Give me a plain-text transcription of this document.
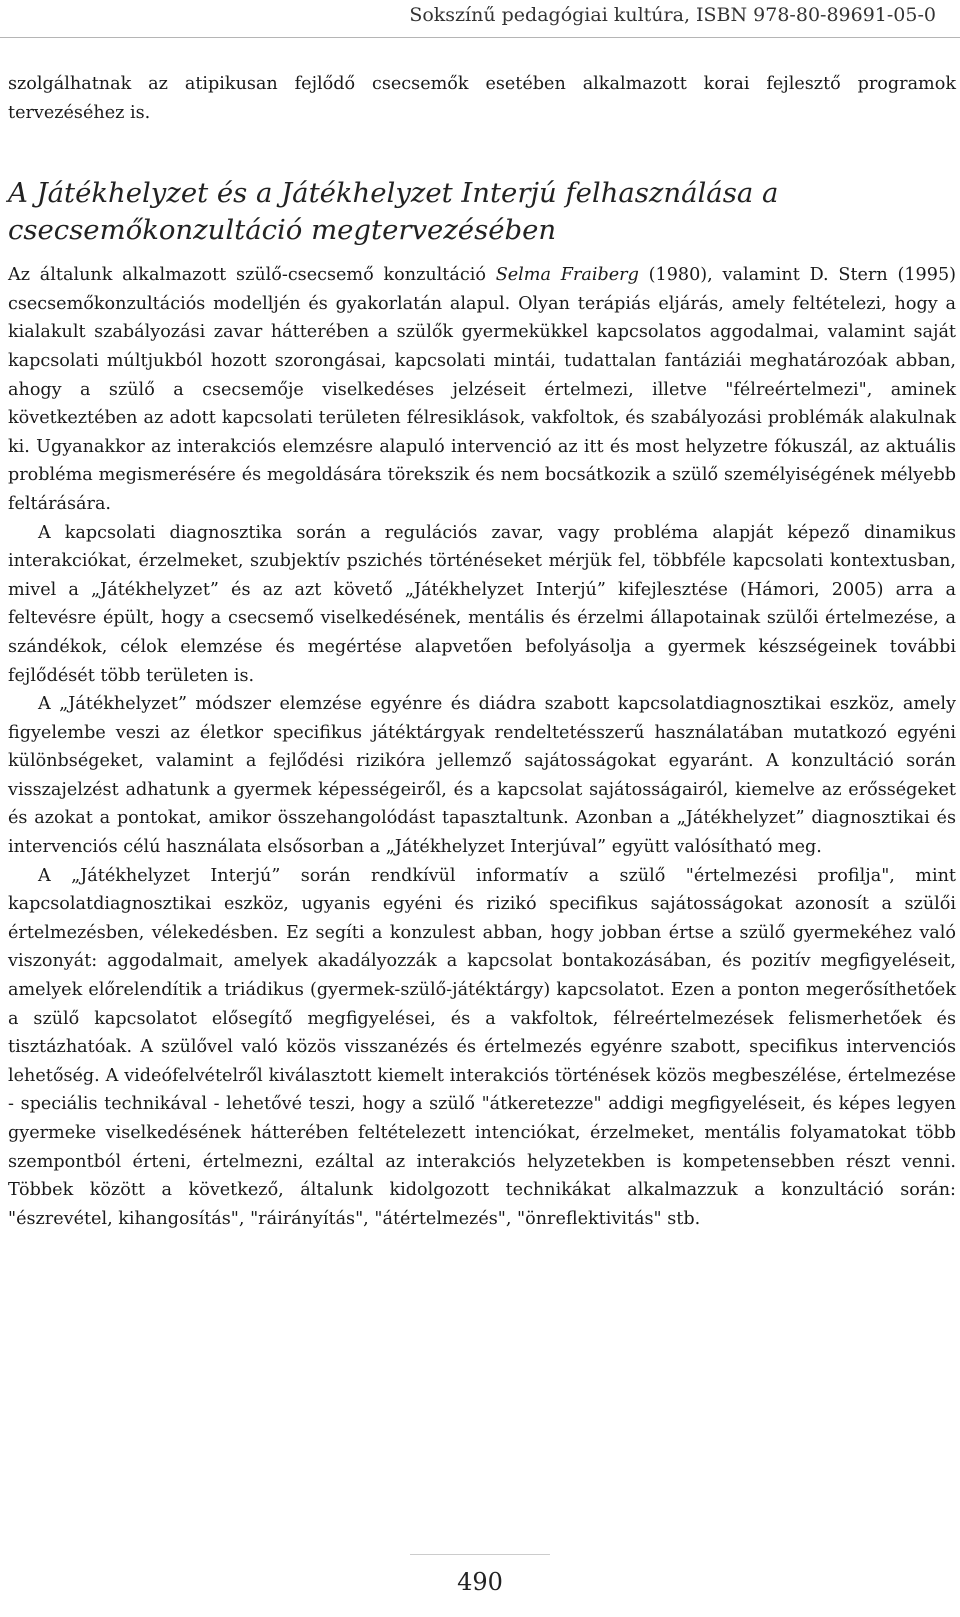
Sokszínű pedagógiai kultúra, ISBN 978-80-89691-05-0

szolgálhatnak az atipikusan fejlődő csecsemők esetében alkalmazott korai fejlesztő programok tervezéséhez is.

A Játékhelyzet és a Játékhelyzet Interjú felhasználása a csecsemőkonzultáció megtervezésében

Az általunk alkalmazott szülő-csecsemő konzultáció Selma Fraiberg (1980), valamint D. Stern (1995) csecsemőkonzultációs modelljén és gyakorlatán alapul. Olyan terápiás eljárás, amely feltételezi, hogy a kialakult szabályozási zavar hátterében a szülők gyermekükkel kapcsolatos aggodalmai, valamint saját kapcsolati múltjukból hozott szorongásai, kapcsolati mintái, tudattalan fantáziái meghatározóak abban, ahogy a szülő a csecsemője viselkedéses jelzéseit értelmezi, illetve "félreértelmezi", aminek következtében az adott kapcsolati területen félresiklások, vakfoltok, és szabályozási problémák alakulnak ki. Ugyanakkor az interakciós elemzésre alapuló intervenció az itt és most helyzetre fókuszál, az aktuális probléma megismerésére és megoldására törekszik és nem bocsátkozik a szülő személyiségének mélyebb feltárására.

A kapcsolati diagnosztika során a regulációs zavar, vagy probléma alapját képező dinamikus interakciókat, érzelmeket, szubjektív pszichés történéseket mérjük fel, többféle kapcsolati kontextusban, mivel a „Játékhelyzet” és az azt követő „Játékhelyzet Interjú” kifejlesztése (Hámori, 2005) arra a feltevésre épült, hogy a csecsemő viselkedésének, mentális és érzelmi állapotainak szülői értelmezése, a szándékok, célok elemzése és megértése alapvetően befolyásolja a gyermek készségeinek további fejlődését több területen is.

A „Játékhelyzet” módszer elemzése egyénre és diádra szabott kapcsolatdiagnosztikai eszköz, amely figyelembe veszi az életkor specifikus játéktárgyak rendeltetésszerű használatában mutatkozó egyéni különbségeket, valamint a fejlődési rizikóra jellemző sajátosságokat egyaránt. A konzultáció során visszajelzést adhatunk a gyermek képességeiről, és a kapcsolat sajátosságairól, kiemelve az erősségeket és azokat a pontokat, amikor összehangolódást tapasztaltunk. Azonban a „Játékhelyzet” diagnosztikai és intervenciós célú használata elsősorban a „Játékhelyzet Interjúval” együtt valósítható meg.

A „Játékhelyzet Interjú” során rendkívül informatív a szülő "értelmezési profilja", mint kapcsolatdiagnosztikai eszköz, ugyanis egyéni és rizikó specifikus sajátosságokat azonosít a szülői értelmezésben, vélekedésben. Ez segíti a konzulest abban, hogy jobban értse a szülő gyermekéhez való viszonyát: aggodalmait, amelyek akadályozzák a kapcsolat bontakozásában, és pozitív megfigyeléseit, amelyek előrelendítik a triádikus (gyermek-szülő-játéktárgy) kapcsolatot. Ezen a ponton megerősíthetőek a szülő kapcsolatot elősegítő megfigyelései, és a vakfoltok, félreértelmezések felismerhetőek és tisztázhatóak. A szülővel való közös visszanézés és értelmezés egyénre szabott, specifikus intervenciós lehetőség. A videófelvételről kiválasztott kiemelt interakciós történések közös megbeszélése, értelmezése - speciális technikával - lehetővé teszi, hogy a szülő "átkeretezze" addigi megfigyeléseit, és képes legyen gyermeke viselkedésének hátterében feltételezett intenciókat, érzelmeket, mentális folyamatokat több szempontból érteni, értelmezni, ezáltal az interakciós helyzetekben is kompetensebben részt venni. Többek között a következő, általunk kidolgozott technikákat alkalmazzuk a konzultáció során: "észrevétel, kihangosítás", "ráirányítás", "átértelmezés", "önreflektivitás" stb.

490
